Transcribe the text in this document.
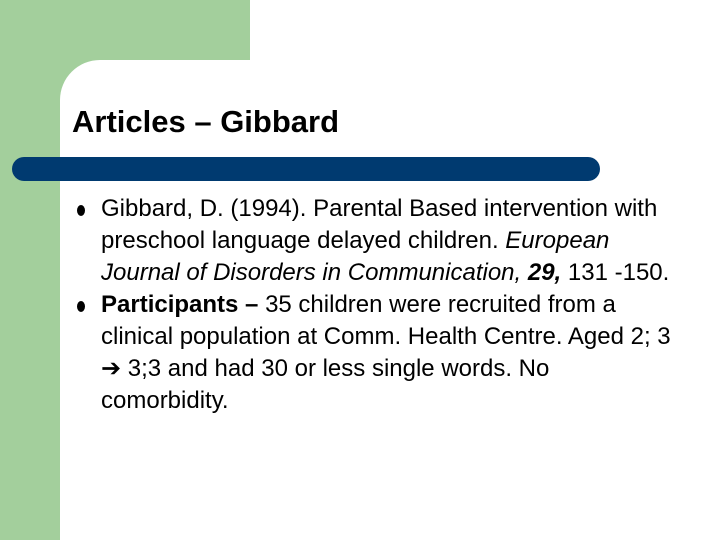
Articles – Gibbard
Gibbard, D. (1994). Parental Based intervention with preschool language delayed children. European Journal of Disorders in Communication, 29, 131 -150.
Participants – 35 children were recruited from a clinical population at Comm. Health Centre. Aged 2; 3 ➔ 3;3 and had 30 or less single words. No comorbidity.
